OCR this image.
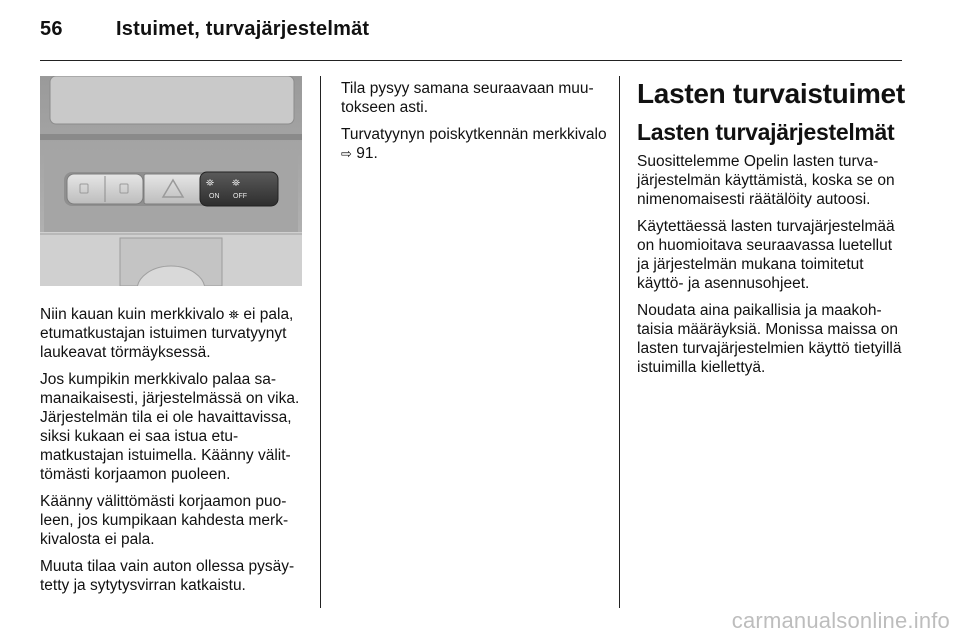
56	Istuimet, turvajärjestelmät
⛯ ⛯
ON OFF

Niin kauan kuin merkkivalo ⛯ ei pala, etumatkustajan istuimen turvatyynyt laukeavat törmäyksessä.

Jos kumpikin merkkivalo palaa samanaikaisesti, järjestelmässä on vika. Järjestelmän tila ei ole havaittavissa, siksi kukaan ei saa istua etumatkustajan istuimella. Käänny välittömästi korjaamon puoleen.

Käänny välittömästi korjaamon puoleen, jos kumpikaan kahdesta merkkivalosta ei pala.

Muuta tilaa vain auton ollessa pysäytetty ja sytytysvirran katkaistu.

Tila pysyy samana seuraavaan muutokseen asti.

Turvatyynyn poiskytkennän merkkivalo ⇨ 91.

Lasten turvaistuimet
Lasten turvajärjestelmät

Suosittelemme Opelin lasten turvajärjestelmän käyttämistä, koska se on nimenomaisesti räätälöity autoosi.

Käytettäessä lasten turvajärjestelmää on huomioitava seuraavassa luetellut ja järjestelmän mukana toimitetut käyttö- ja asennusohjeet.

Noudata aina paikallisia ja maakohtaisia määräyksiä. Monissa maissa on lasten turvajärjestelmien käyttö tietyillä istuimilla kiellettyä.

carmanualsonline.info
